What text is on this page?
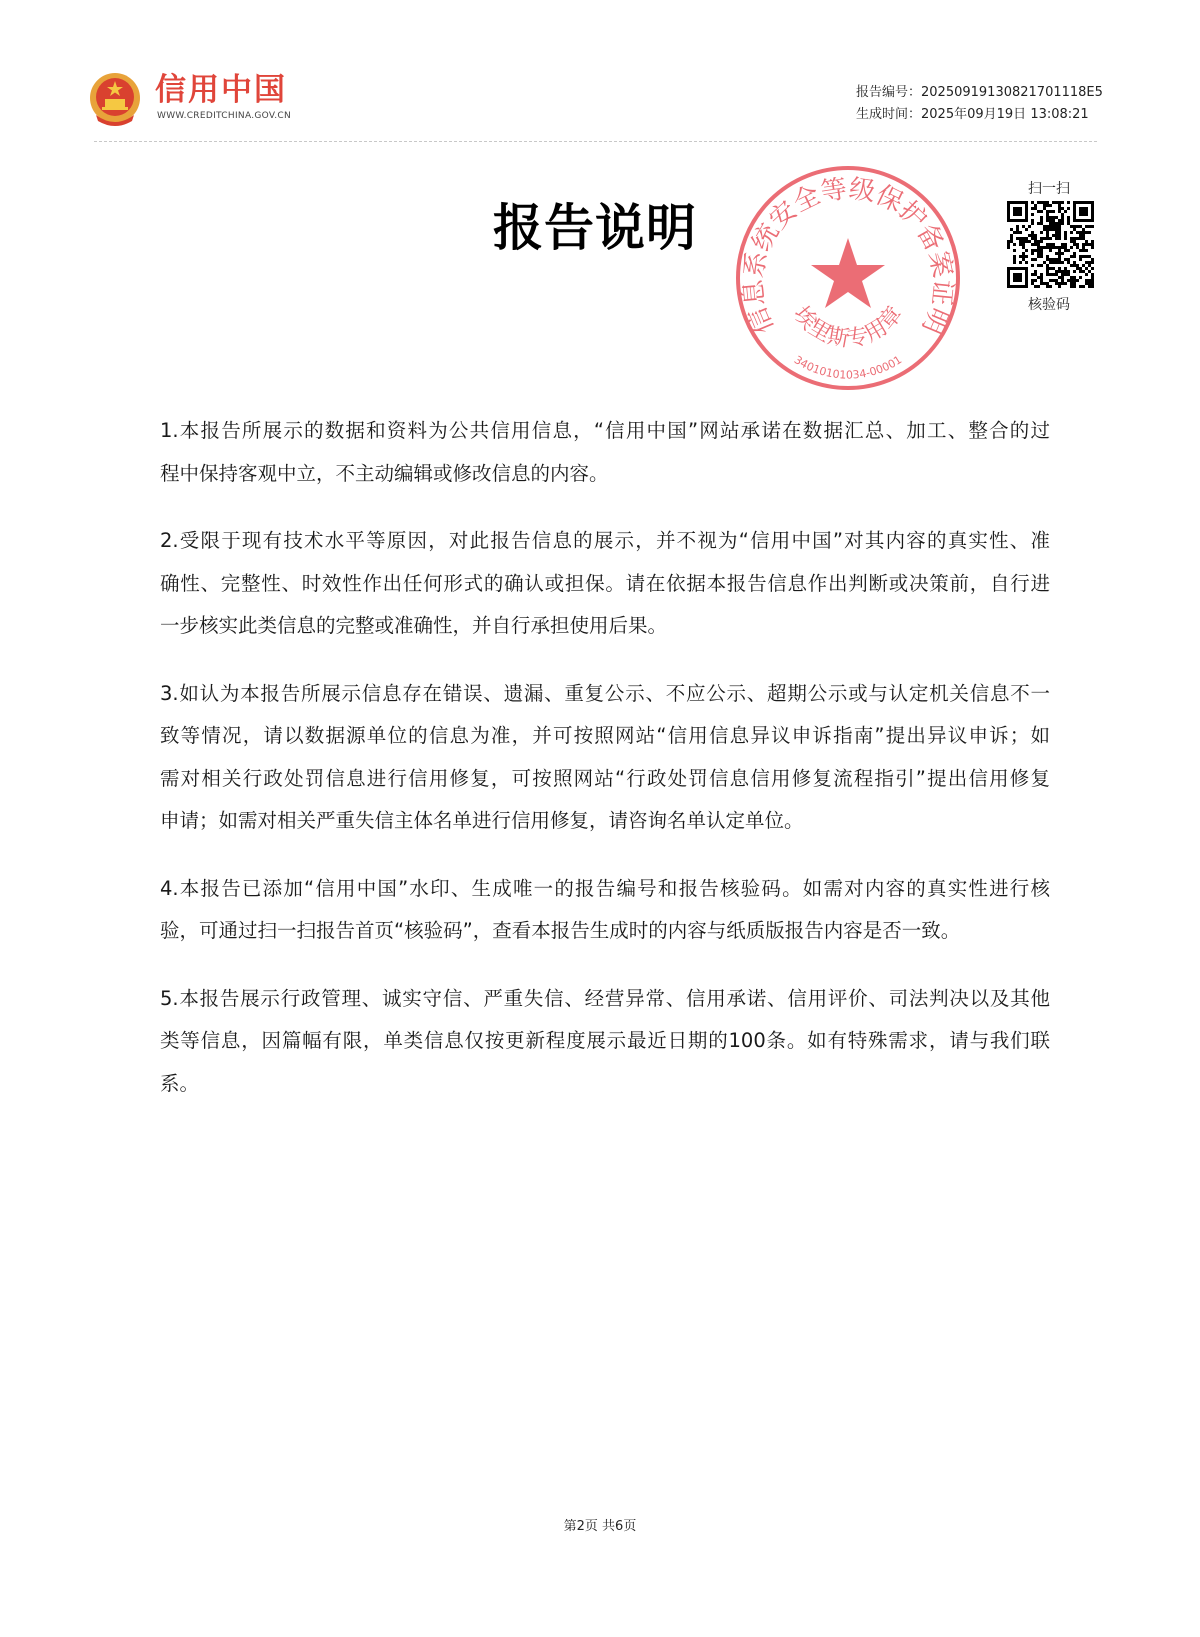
信用中国
WWW.CREDITCHINA.GOV.CN
报告编号：20250919130821701118E5
生成时间：2025年09月19日 13:08:21
报告说明
扫一扫
核验码
信息系统安全等级保护备案证明
埃里斯专用章
34010101034-00001
1.本报告所展示的数据和资料为公共信用信息，“信用中国”网站承诺在数据汇总、加工、整合的过
程中保持客观中立，不主动编辑或修改信息的内容。
2.受限于现有技术水平等原因，对此报告信息的展示，并不视为“信用中国”对其内容的真实性、准
确性、完整性、时效性作出任何形式的确认或担保。请在依据本报告信息作出判断或决策前，自行进
一步核实此类信息的完整或准确性，并自行承担使用后果。
3.如认为本报告所展示信息存在错误、遗漏、重复公示、不应公示、超期公示或与认定机关信息不一
致等情况，请以数据源单位的信息为准，并可按照网站“信用信息异议申诉指南”提出异议申诉；如
需对相关行政处罚信息进行信用修复，可按照网站“行政处罚信息信用修复流程指引”提出信用修复
申请；如需对相关严重失信主体名单进行信用修复，请咨询名单认定单位。
4.本报告已添加“信用中国”水印、生成唯一的报告编号和报告核验码。如需对内容的真实性进行核
验，可通过扫一扫报告首页“核验码”，查看本报告生成时的内容与纸质版报告内容是否一致。
5.本报告展示行政管理、诚实守信、严重失信、经营异常、信用承诺、信用评价、司法判决以及其他
类等信息，因篇幅有限，单类信息仅按更新程度展示最近日期的100条。如有特殊需求，请与我们联
系。
第2页 共6页
